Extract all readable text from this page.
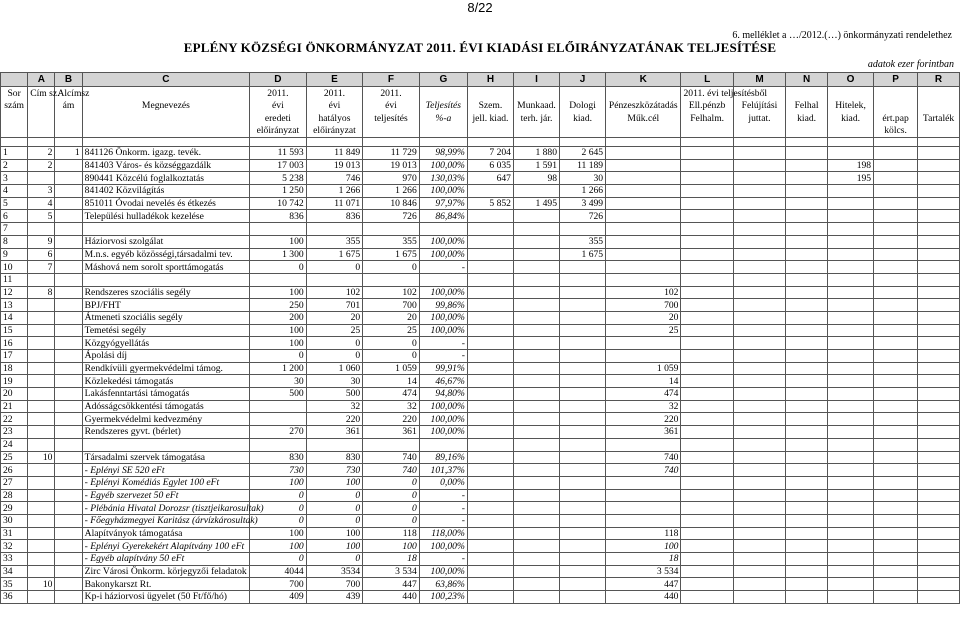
8/22
6. melléklet a …/2012.(…) önkormányzati rendelethez
EPLÉNY KÖZSÉGI ÖNKORMÁNYZAT 2011. ÉVI KIADÁSI ELŐIRÁNYZATÁNAK TELJESÍTÉSE
adatok ezer forintban
	A	B	C	D	E	F	G	H	I	J	K	L	M	N	O	P	R
Sor	Cím sz.	Alcímsz		2011.	2011.	2011.						2011. évi teljesítésből					
szám		ám	Megnevezés	évi	évi	évi	Teljesítés	Szem.	Munkaad.	Dologi	Pénzeszközátadás	Ell.pénzb	Felújítási	Felhal	Hitelek,		
				eredeti	hatályos	teljesítés	%-a	jell. kiad.	terh. jár.	kiad.	Műk.cél	Felhalm.	juttat.	kiad.	kiad.	ért.pap	Tartalék
				előirányzat	előirányzat											kölcs.	

1	2	1	841126 Önkorm. igazg. tevék.	11 593	11 849	11 729	98,99%	7 204	1 880	2 645							
2	2		841403 Város- és községgazdálk	17 003	19 013	19 013	100,00%	6 035	1 591	11 189					198		
3			890441 Közcélú foglalkoztatás	5 238	746	970	130,03%	647	98	30					195		
4	3		841402 Közvilágítás	1 250	1 266	1 266	100,00%			1 266							
5	4		851011 Óvodai nevelés és étkezés	10 742	11 071	10 846	97,97%	5 852	1 495	3 499							
6	5		Települési hulladékok kezelése	836	836	726	86,84%			726							
7																	
8	9		Háziorvosi szolgálat	100	355	355	100,00%			355							
9	6		M.n.s. egyéb közösségi,társadalmi tev.	1 300	1 675	1 675	100,00%			1 675							
10	7		Máshová nem sorolt sporttámogatás	0	0	0	-										
11																	
12	8		Rendszeres szociális segély	100	102	102	100,00%				102						
13			BPJ/FHT	250	701	700	99,86%				700						
14			Átmeneti szociális segély	200	20	20	100,00%				20						
15			Temetési segély	100	25	25	100,00%				25						
16			Közgyógyellátás	100	0	0	-										
17			Ápolási díj	0	0	0	-										
18			Rendkívüli gyermekvédelmi támog.	1 200	1 060	1 059	99,91%				1 059						
19			Közlekedési támogatás	30	30	14	46,67%				14						
20			Lakásfenntartási támogatás	500	500	474	94,80%				474						
21			Adósságcsökkentési támogatás		32	32	100,00%				32						
22			Gyermekvédelmi kedvezmény		220	220	100,00%				220						
23			Rendszeres gyvt. (bérlet)	270	361	361	100,00%				361						
24																	
25	10		Társadalmi szervek támogatása	830	830	740	89,16%				740						
26			- Eplényi SE 520 eFt	730	730	740	101,37%				740						
27			- Eplényi Komédiás Egylet 100 eFt	100	100	0	0,00%										
28			- Egyéb szervezet 50 eFt	0	0	0	-										
29			- Plébánia Hivatal Dorozsr (tisztjeikarosultak)	0	0	0	-										
30			- Főegyházmegyei Karitász (árvízkárosultak)	0	0	0	-										
31			Alapítványok támogatása	100	100	118	118,00%				118						
32			- Eplényi Gyerekekért Alapítvány 100 eFt	100	100	100	100,00%				100						
33			- Egyéb alapítvány 50 eFt	0	0	18	-				18						
34			Zirc Városi Önkorm. körjegyzői feladatok	4044	3534	3 534	100,00%				3 534						
35	10		Bakonykarszt Rt.	700	700	447	63,86%				447						
36			Kp-i háziorvosi ügyelet (50 Ft/fő/hó)	409	439	440	100,23%				440						
